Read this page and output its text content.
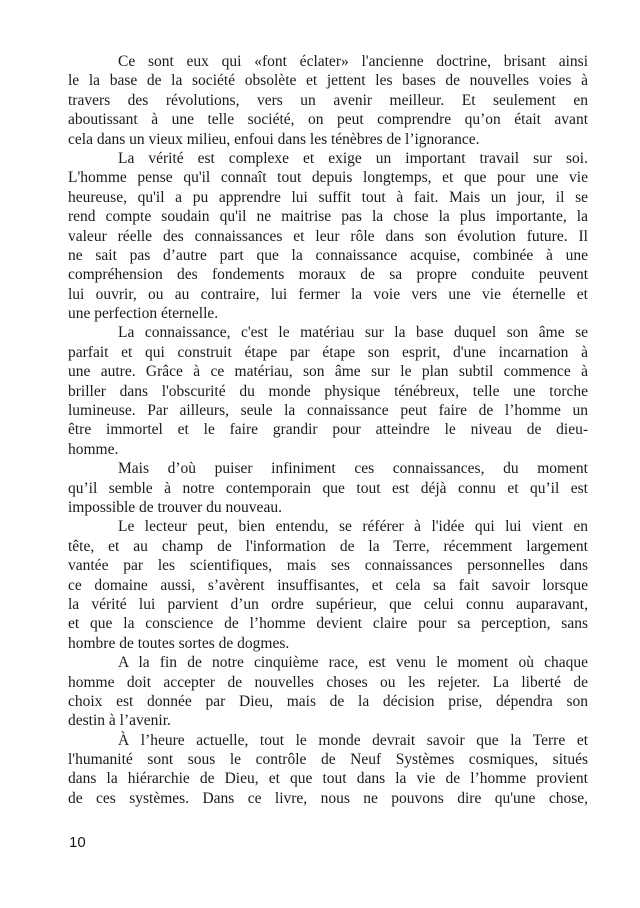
Ce sont eux qui «font éclater» l'ancienne doctrine, brisant ainsi
le la base de la société obsolète et jettent les bases de nouvelles voies à
travers des révolutions, vers un avenir meilleur. Et seulement en
aboutissant à une telle société, on peut comprendre qu’on était avant
cela dans un vieux milieu, enfoui dans les ténèbres de l’ignorance.
La vérité est complexe et exige un important travail sur soi.
L'homme pense qu'il connaît tout depuis longtemps, et que pour une vie
heureuse, qu'il a pu apprendre lui suffit tout à fait. Mais un jour, il se
rend compte soudain qu'il ne maitrise pas la chose la plus importante, la
valeur réelle des connaissances et leur rôle dans son évolution future. Il
ne sait pas d’autre part que la connaissance acquise, combinée à une
compréhension des fondements moraux de sa propre conduite peuvent
lui ouvrir, ou au contraire, lui fermer la voie vers une vie éternelle et
une perfection éternelle.
La connaissance, c'est le matériau sur la base duquel son âme se
parfait et qui construit étape par étape son esprit, d'une incarnation à
une autre. Grâce à ce matériau, son âme sur le plan subtil commence à
briller dans l'obscurité du monde physique ténébreux, telle une torche
lumineuse. Par ailleurs, seule la connaissance peut faire de l’homme un
être immortel et le faire grandir pour atteindre le niveau de dieu-
homme.
Mais d’où puiser infiniment ces connaissances, du moment
qu’il semble à notre contemporain que tout est déjà connu et qu’il est
impossible de trouver du nouveau.
Le lecteur peut, bien entendu, se référer à l'idée qui lui vient en
tête, et au champ de l'information de la Terre, récemment largement
vantée par les scientifiques, mais ses connaissances personnelles dans
ce domaine aussi, s’avèrent insuffisantes, et cela sa fait savoir lorsque
la vérité lui parvient d’un ordre supérieur, que celui connu auparavant,
et que la conscience de l’homme devient claire pour sa perception, sans
hombre de toutes sortes de dogmes.
A la fin de notre cinquième race, est venu le moment où chaque
homme doit accepter de nouvelles choses ou les rejeter. La liberté de
choix est donnée par Dieu, mais de la décision prise, dépendra son
destin à l’avenir.
À l’heure actuelle, tout le monde devrait savoir que la Terre et
l'humanité sont sous le contrôle de Neuf Systèmes cosmiques, situés
dans la hiérarchie de Dieu, et que tout dans la vie de l’homme provient
de ces systèmes. Dans ce livre, nous ne pouvons dire qu'une chose,
10
